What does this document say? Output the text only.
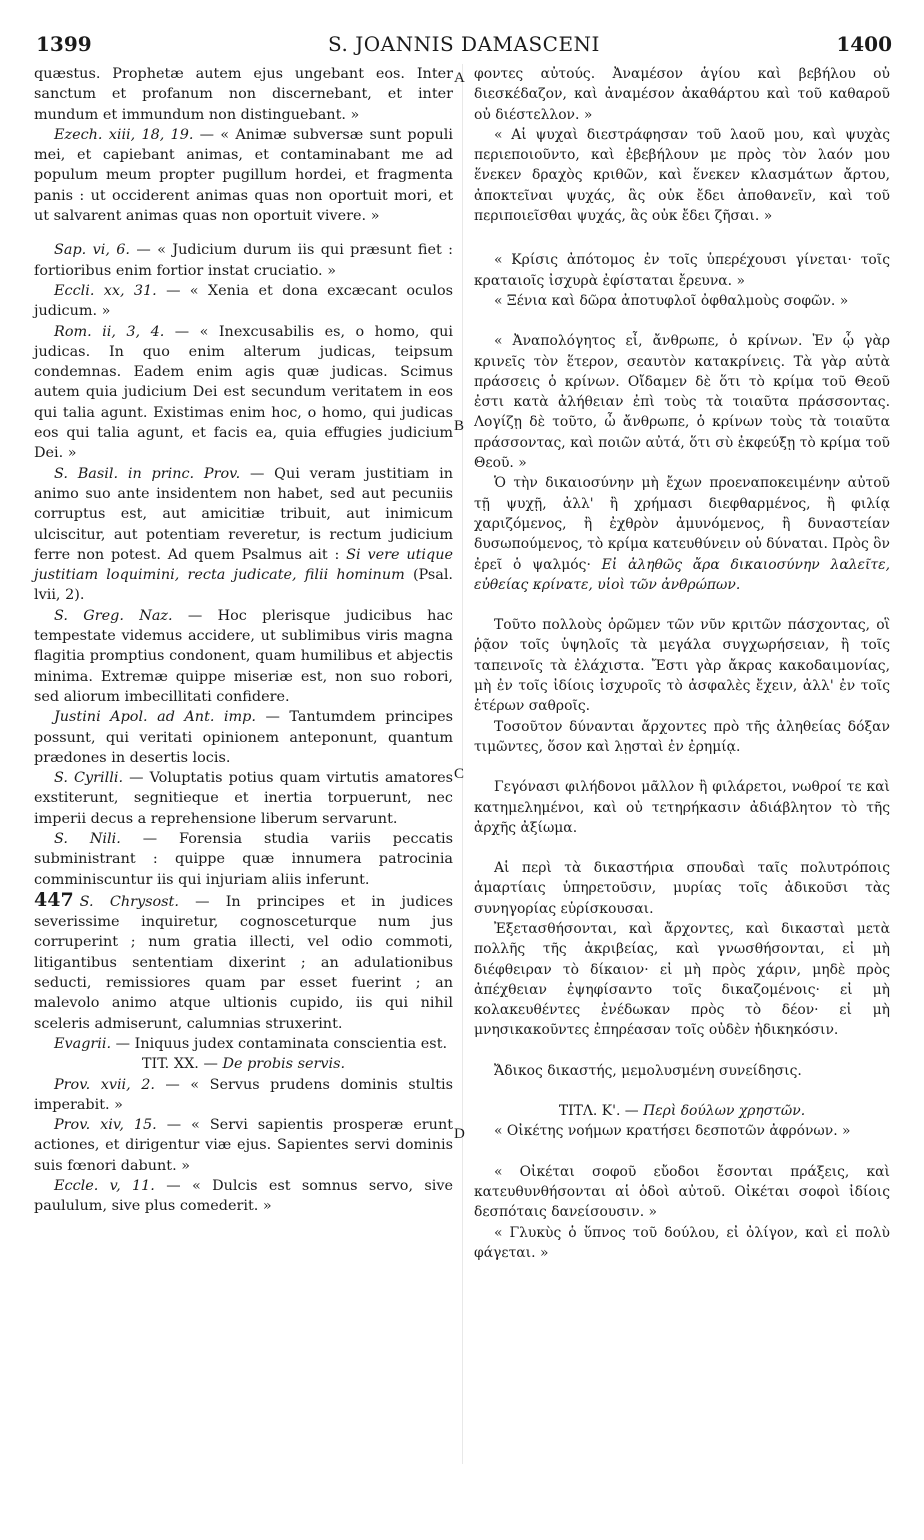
1399	S. JOANNIS DAMASCENI	1400
A
B
C
D

quæstus. Prophetæ autem ejus ungebant eos. Inter sanctum et profanum non discernebant, et inter mundum et immundum non distinguebant. »

Ezech. xiii, 18, 19. — « Animæ subversæ sunt populi mei, et capiebant animas, et contaminabant me ad populum meum propter pugillum hordei, et fragmenta panis : ut occiderent animas quas non oportuit mori, et ut salvarent animas quas non oportuit vivere. »

Sap. vi, 6. — « Judicium durum iis qui præsunt fiet : fortioribus enim fortior instat cruciatio. »

Eccli. xx, 31. — « Xenia et dona excæcant oculos judicum. »

Rom. ii, 3, 4. — « Inexcusabilis es, o homo, qui judicas. In quo enim alterum judicas, teipsum condemnas. Eadem enim agis quæ judicas. Scimus autem quia judicium Dei est secundum veritatem in eos qui talia agunt. Existimas enim hoc, o homo, qui judicas eos qui talia agunt, et facis ea, quia effugies judicium Dei. »

S. Basil. in princ. Prov. — Qui veram justitiam in animo suo ante insidentem non habet, sed aut pecuniis corruptus est, aut amicitiæ tribuit, aut inimicum ulciscitur, aut potentiam reveretur, is rectum judicium ferre non potest. Ad quem Psalmus ait : Si vere utique justitiam loquimini, recta judicate, filii hominum (Psal. lvii, 2).

S. Greg. Naz. — Hoc plerisque judicibus hac tempestate videmus accidere, ut sublimibus viris magna flagitia promptius condonent, quam humilibus et abjectis minima. Extremæ quippe miseriæ est, non suo robori, sed aliorum imbecillitati confidere.

Justini Apol. ad Ant. imp. — Tantumdem principes possunt, qui veritati opinionem anteponunt, quantum prædones in desertis locis.

S. Cyrilli. — Voluptatis potius quam virtutis amatores exstiterunt, segnitieque et inertia torpuerunt, nec imperii decus a reprehensione liberum servarunt.

S. Nili. — Forensia studia variis peccatis subministrant : quippe quæ innumera patrocinia comminiscuntur iis qui injuriam aliis inferunt.

447 S. Chrysost. — In principes et in judices severissime inquiretur, cognosceturque num jus corruperint ; num gratia illecti, vel odio commoti, litigantibus sententiam dixerint ; an adulationibus seducti, remissiores quam par esset fuerint ; an malevolo animo atque ultionis cupido, iis qui nihil sceleris admiserunt, calumnias struxerint.

Evagrii. — Iniquus judex contaminata conscientia est.

TIT. XX. — De probis servis.

Prov. xvii, 2. — « Servus prudens dominis stultis imperabit. »

Prov. xiv, 15. — « Servi sapientis prosperæ erunt actiones, et dirigentur viæ ejus. Sapientes servi dominis suis fœnori dabunt. »

Eccle. v, 11. — « Dulcis est somnus servo, sive paululum, sive plus comederit. »

φοντες αὐτούς. Ἀναμέσον ἁγίου καὶ βεβήλου οὐ διεσκέδαζον, καὶ ἀναμέσον ἀκαθάρτου καὶ τοῦ καθαροῦ οὐ διέστελλον. »

« Αἱ ψυχαὶ διεστράφησαν τοῦ λαοῦ μου, καὶ ψυχὰς περιεποιοῦντο, καὶ ἐβεβήλουν με πρὸς τὸν λαόν μου ἕνεκεν δραχὸς κριθῶν, καὶ ἕνεκεν κλασμάτων ἄρτου, ἀποκτεῖναι ψυχάς, ἃς οὐκ ἔδει ἀποθανεῖν, καὶ τοῦ περιποιεῖσθαι ψυχάς, ἃς οὐκ ἔδει ζῆσαι. »

« Κρίσις ἀπότομος ἐν τοῖς ὑπερέχουσι γίνεται· τοῖς κραταιοῖς ἰσχυρὰ ἐφίσταται ἔρευνα. »

« Ξένια καὶ δῶρα ἀποτυφλοῖ ὀφθαλμοὺς σοφῶν. »

« Ἀναπολόγητος εἶ, ἄνθρωπε, ὁ κρίνων. Ἐν ᾧ γὰρ κρινεῖς τὸν ἕτερον, σεαυτὸν κατακρίνεις. Τὰ γὰρ αὐτὰ πράσσεις ὁ κρίνων. Οἴδαμεν δὲ ὅτι τὸ κρίμα τοῦ Θεοῦ ἐστι κατὰ ἀλήθειαν ἐπὶ τοὺς τὰ τοιαῦτα πράσσοντας. Λογίζῃ δὲ τοῦτο, ὦ ἄνθρωπε, ὁ κρίνων τοὺς τὰ τοιαῦτα πράσσοντας, καὶ ποιῶν αὐτά, ὅτι σὺ ἐκφεύξῃ τὸ κρίμα τοῦ Θεοῦ. »

Ὁ τὴν δικαιοσύνην μὴ ἔχων προεναποκειμένην αὐτοῦ τῇ ψυχῇ, ἀλλ' ἢ χρήμασι διεφθαρμένος, ἢ φιλίᾳ χαριζόμενος, ἢ ἐχθρὸν ἀμυνόμενος, ἢ δυναστείαν δυσωπούμενος, τὸ κρίμα κατευθύνειν οὐ δύναται. Πρὸς ὃν ἐρεῖ ὁ ψαλμός· Εἰ ἀληθῶς ἄρα δικαιοσύνην λαλεῖτε, εὐθείας κρίνατε, υἱοὶ τῶν ἀνθρώπων.

Τοῦτο πολλοὺς ὁρῶμεν τῶν νῦν κριτῶν πάσχοντας, οἳ ῥᾷον τοῖς ὑψηλοῖς τὰ μεγάλα συγχωρήσειαν, ἢ τοῖς ταπεινοῖς τὰ ἐλάχιστα. Ἔστι γὰρ ἄκρας κακοδαιμονίας, μὴ ἐν τοῖς ἰδίοις ἰσχυροῖς τὸ ἀσφαλὲς ἔχειν, ἀλλ' ἐν τοῖς ἑτέρων σαθροῖς.

Τοσοῦτον δύνανται ἄρχοντες πρὸ τῆς ἀληθείας δόξαν τιμῶντες, ὅσον καὶ λῃσταὶ ἐν ἐρημίᾳ.

Γεγόνασι φιλήδονοι μᾶλλον ἢ φιλάρετοι, νωθροί τε καὶ κατημελημένοι, καὶ οὐ τετηρήκασιν ἀδιάβλητον τὸ τῆς ἀρχῆς ἀξίωμα.

Αἱ περὶ τὰ δικαστήρια σπουδαὶ ταῖς πολυτρόποις ἁμαρτίαις ὑπηρετοῦσιν, μυρίας τοῖς ἀδικοῦσι τὰς συνηγορίας εὑρίσκουσαι.

Ἐξετασθήσονται, καὶ ἄρχοντες, καὶ δικασταὶ μετὰ πολλῆς τῆς ἀκριβείας, καὶ γνωσθήσονται, εἰ μὴ διέφθειραν τὸ δίκαιον· εἰ μὴ πρὸς χάριν, μηδὲ πρὸς ἀπέχθειαν ἐψηφίσαντο τοῖς δικαζομένοις· εἰ μὴ κολακευθέντες ἐνέδωκαν πρὸς τὸ δέον· εἰ μὴ μνησικακοῦντες ἐπηρέασαν τοῖς οὐδὲν ἠδικηκόσιν.

Ἄδικος δικαστής, μεμολυσμένη συνείδησις.

ΤΙΤΛ. Κ'. — Περὶ δούλων χρηστῶν.

« Οἰκέτης νοήμων κρατήσει δεσποτῶν ἀφρόνων. »

« Οἰκέται σοφοῦ εὔοδοι ἔσονται πράξεις, καὶ κατευθυνθήσονται αἱ ὁδοὶ αὐτοῦ. Οἰκέται σοφοὶ ἰδίοις δεσπόταις δανείσουσιν. »

« Γλυκὺς ὁ ὕπνος τοῦ δούλου, εἰ ὀλίγον, καὶ εἰ πολὺ φάγεται. »
